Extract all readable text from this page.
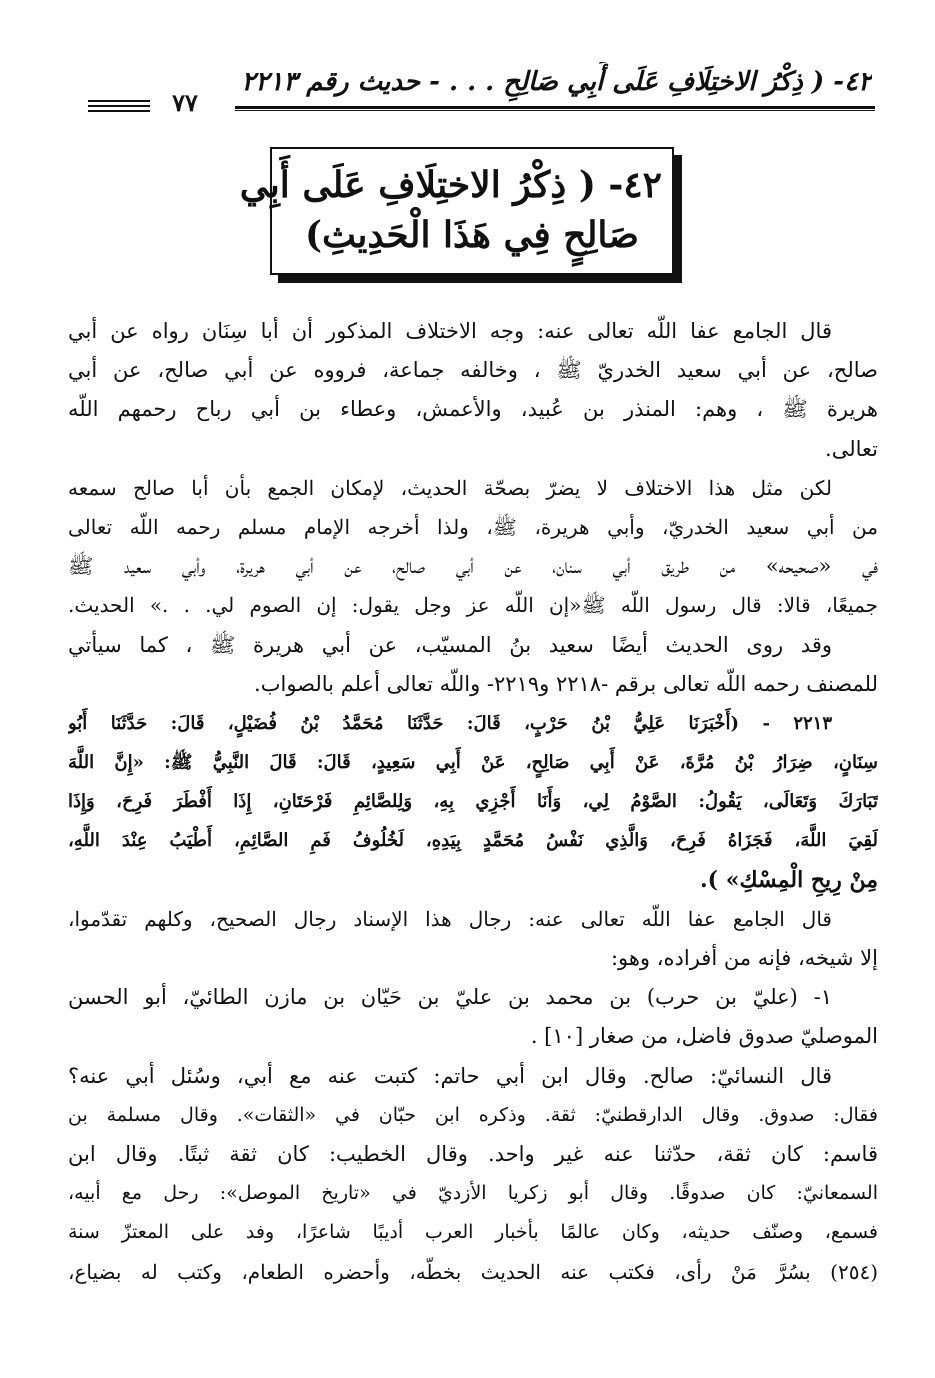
٤٢- ( ذِكْرُ الاختِلَافِ عَلَى أَبِي صَالِحِ . . . - حديث رقم ٢٢١٣
٧٧
٤٢- ( ذِكْرُ الاختِلَافِ عَلَى أَبِي
صَالِحٍ فِي هَذَا الْحَدِيثِ)
قال الجامع عفا اللّه تعالى عنه: وجه الاختلاف المذكور أن أبا سِنَان رواه عن أبي
صالح، عن أبي سعيد الخدريّ ﷺ ، وخالفه جماعة، فرووه عن أبي صالح، عن أبي
هريرة ﷺ ، وهم: المنذر بن عُبيد، والأعمش، وعطاء بن أبي رباح رحمهم اللّه
تعالى.
لكن مثل هذا الاختلاف لا يضرّ بصحّة الحديث، لإمكان الجمع بأن أبا صالح سمعه
من أبي سعيد الخدريّ، وأبي هريرة، ﷺ، ولذا أخرجه الإمام مسلم رحمه اللّه تعالى
في «صحيحه» من طريق أبي سنان، عن أبي صالح، عن أبي هريرة، وأبي سعيد ﷺ
جميعًا، قالا: قال رسول اللّه ﷺ«إن اللّه عز وجل يقول: إن الصوم لي. . .» الحديث.
وقد روى الحديث أيضًا سعيد بنُ المسيّب، عن أبي هريرة ﷺ ، كما سيأتي
للمصنف رحمه اللّه تعالى برقم -٢٢١٨ و٢٢١٩- واللّه تعالى أعلم بالصواب.
٢٢١٣ - (أَخْبَرَنَا عَلِيُّ بْنُ حَرْبٍ، قَالَ: حَدَّثَنَا مُحَمَّدُ بْنُ فُضَيْلٍ، قَالَ: حَدَّثَنَا أَبُو
سِنَانٍ، ضِرَارُ بْنُ مُرَّةَ، عَنْ أَبِي صَالِحٍ، عَنْ أَبِي سَعِيدٍ، قَالَ: قَالَ النَّبِيُّ ﷺ: «إِنَّ اللَّهَ
تَبَارَكَ وَتَعَالَى، يَقُولُ: الصَّوْمُ لِي، وَأَنَا أَجْزِي بِهِ، وَلِلصَّائِمِ فَرْحَتَانِ، إِذَا أَفْطَرَ فَرِحَ، وَإِذَا
لَقِيَ اللَّهَ، فَجَزَاهُ فَرِحَ، وَالَّذِي نَفْسُ مُحَمَّدٍ بِيَدِهِ، لَخُلُوفُ فَمِ الصَّائِمِ، أَطْيَبُ عِنْدَ اللَّهِ،
مِنْ رِيحِ الْمِسْكِ» ).
قال الجامع عفا اللّه تعالى عنه: رجال هذا الإسناد رجال الصحيح، وكلهم تقدّموا،
إلا شيخه، فإنه من أفراده، وهو:
١- (عليّ بن حرب) بن محمد بن عليّ بن حَيّان بن مازن الطائيّ، أبو الحسن
الموصليّ صدوق فاضل، من صغار [١٠] .
قال النسائيّ: صالح. وقال ابن أبي حاتم: كتبت عنه مع أبي، وسُئل أبي عنه؟
فقال: صدوق. وقال الدارقطنيّ: ثقة. وذكره ابن حبّان في «الثقات». وقال مسلمة بن
قاسم: كان ثقة، حدّثنا عنه غير واحد. وقال الخطيب: كان ثقة ثبتًا. وقال ابن
السمعانيّ: كان صدوقًا. وقال أبو زكريا الأزديّ في «تاريخ الموصل»: رحل مع أبيه،
فسمع، وصنّف حديثه، وكان عالمًا بأخبار العرب أديبًا شاعرًا، وفد على المعتزّ سنة
(٢٥٤) بسُرَّ مَنْ رأى، فكتب عنه الحديث بخطّه، وأحضره الطعام، وكتب له بضياع،
